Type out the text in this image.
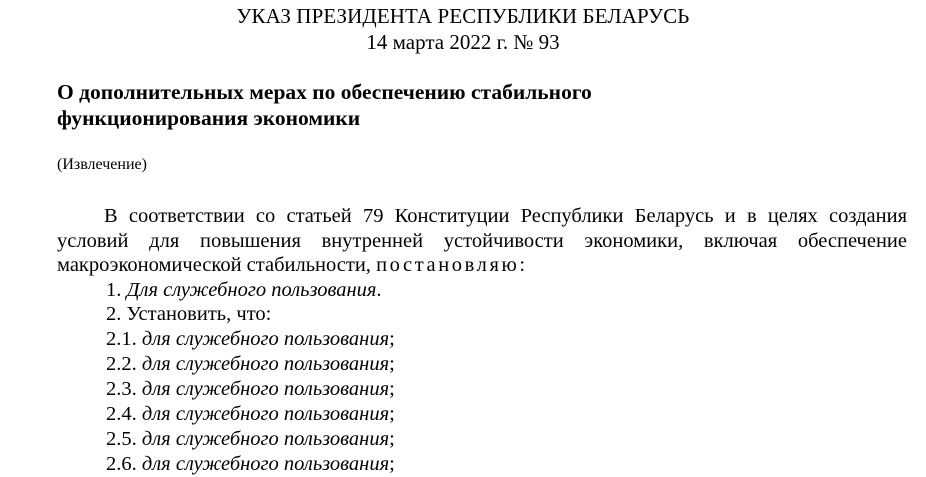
УКАЗ ПРЕЗИДЕНТА РЕСПУБЛИКИ БЕЛАРУСЬ
14 марта 2022 г. № 93
О дополнительных мерах по обеспечению стабильного
функционирования экономики
(Извлечение)
В соответствии со статьей 79 Конституции Республики Беларусь и в целях создания
условий для повышения внутренней устойчивости экономики, включая обеспечение
макроэкономической стабильности, постановляю:
1. Для служебного пользования.
2. Установить, что:
2.1. для служебного пользования;
2.2. для служебного пользования;
2.3. для служебного пользования;
2.4. для служебного пользования;
2.5. для служебного пользования;
2.6. для служебного пользования;
